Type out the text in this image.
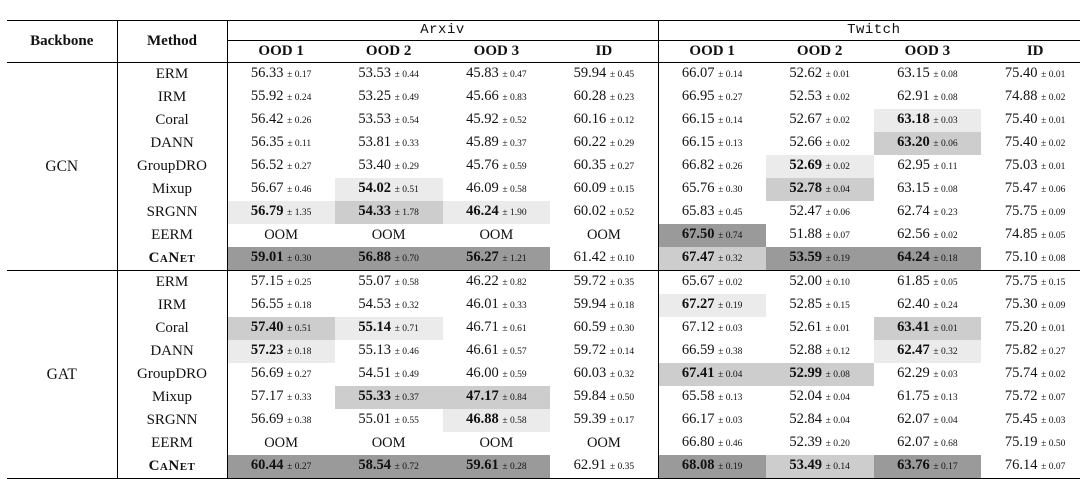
Backbone	Method	Arxiv				Twitch			
		OOD 1	OOD 2	OOD 3	ID	OOD 1	OOD 2	OOD 3	ID
GCN	ERM	56.33 ± 0.17	53.53 ± 0.44	45.83 ± 0.47	59.94 ± 0.45	66.07 ± 0.14	52.62 ± 0.01	63.15 ± 0.08	75.40 ± 0.01
	IRM	55.92 ± 0.24	53.25 ± 0.49	45.66 ± 0.83	60.28 ± 0.23	66.95 ± 0.27	52.53 ± 0.02	62.91 ± 0.08	74.88 ± 0.02
	Coral	56.42 ± 0.26	53.53 ± 0.54	45.92 ± 0.52	60.16 ± 0.12	66.15 ± 0.14	52.67 ± 0.02	63.18 ± 0.03	75.40 ± 0.01
	DANN	56.35 ± 0.11	53.81 ± 0.33	45.89 ± 0.37	60.22 ± 0.29	66.15 ± 0.13	52.66 ± 0.02	63.20 ± 0.06	75.40 ± 0.02
	GroupDRO	56.52 ± 0.27	53.40 ± 0.29	45.76 ± 0.59	60.35 ± 0.27	66.82 ± 0.26	52.69 ± 0.02	62.95 ± 0.11	75.03 ± 0.01
	Mixup	56.67 ± 0.46	54.02 ± 0.51	46.09 ± 0.58	60.09 ± 0.15	65.76 ± 0.30	52.78 ± 0.04	63.15 ± 0.08	75.47 ± 0.06
	SRGNN	56.79 ± 1.35	54.33 ± 1.78	46.24 ± 1.90	60.02 ± 0.52	65.83 ± 0.45	52.47 ± 0.06	62.74 ± 0.23	75.75 ± 0.09
	EERM	OOM	OOM	OOM	OOM	67.50 ± 0.74	51.88 ± 0.07	62.56 ± 0.02	74.85 ± 0.05
	CaNet	59.01 ± 0.30	56.88 ± 0.70	56.27 ± 1.21	61.42 ± 0.10	67.47 ± 0.32	53.59 ± 0.19	64.24 ± 0.18	75.10 ± 0.08
GAT	ERM	57.15 ± 0.25	55.07 ± 0.58	46.22 ± 0.82	59.72 ± 0.35	65.67 ± 0.02	52.00 ± 0.10	61.85 ± 0.05	75.75 ± 0.15
	IRM	56.55 ± 0.18	54.53 ± 0.32	46.01 ± 0.33	59.94 ± 0.18	67.27 ± 0.19	52.85 ± 0.15	62.40 ± 0.24	75.30 ± 0.09
	Coral	57.40 ± 0.51	55.14 ± 0.71	46.71 ± 0.61	60.59 ± 0.30	67.12 ± 0.03	52.61 ± 0.01	63.41 ± 0.01	75.20 ± 0.01
	DANN	57.23 ± 0.18	55.13 ± 0.46	46.61 ± 0.57	59.72 ± 0.14	66.59 ± 0.38	52.88 ± 0.12	62.47 ± 0.32	75.82 ± 0.27
	GroupDRO	56.69 ± 0.27	54.51 ± 0.49	46.00 ± 0.59	60.03 ± 0.32	67.41 ± 0.04	52.99 ± 0.08	62.29 ± 0.03	75.74 ± 0.02
	Mixup	57.17 ± 0.33	55.33 ± 0.37	47.17 ± 0.84	59.84 ± 0.50	65.58 ± 0.13	52.04 ± 0.04	61.75 ± 0.13	75.72 ± 0.07
	SRGNN	56.69 ± 0.38	55.01 ± 0.55	46.88 ± 0.58	59.39 ± 0.17	66.17 ± 0.03	52.84 ± 0.04	62.07 ± 0.04	75.45 ± 0.03
	EERM	OOM	OOM	OOM	OOM	66.80 ± 0.46	52.39 ± 0.20	62.07 ± 0.68	75.19 ± 0.50
	CaNet	60.44 ± 0.27	58.54 ± 0.72	59.61 ± 0.28	62.91 ± 0.35	68.08 ± 0.19	53.49 ± 0.14	63.76 ± 0.17	76.14 ± 0.07
